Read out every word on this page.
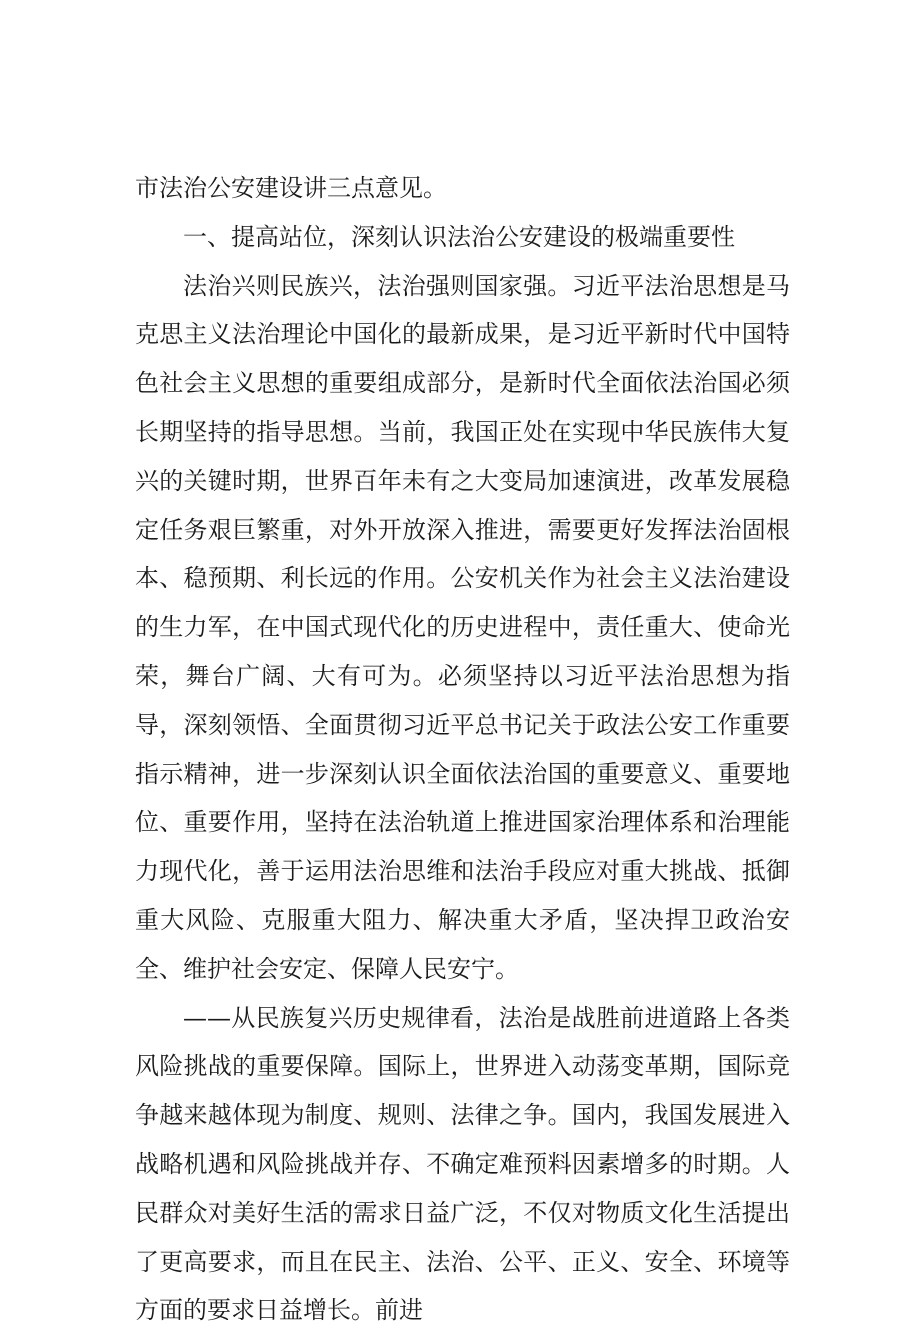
市法治公安建设讲三点意见。

一、提高站位，深刻认识法治公安建设的极端重要性

法治兴则民族兴，法治强则国家强。习近平法治思想是马克思主义法治理论中国化的最新成果，是习近平新时代中国特色社会主义思想的重要组成部分，是新时代全面依法治国必须长期坚持的指导思想。当前，我国正处在实现中华民族伟大复兴的关键时期，世界百年未有之大变局加速演进，改革发展稳定任务艰巨繁重，对外开放深入推进，需要更好发挥法治固根本、稳预期、利长远的作用。公安机关作为社会主义法治建设的生力军，在中国式现代化的历史进程中，责任重大、使命光荣，舞台广阔、大有可为。必须坚持以习近平法治思想为指导，深刻领悟、全面贯彻习近平总书记关于政法公安工作重要指示精神，进一步深刻认识全面依法治国的重要意义、重要地位、重要作用，坚持在法治轨道上推进国家治理体系和治理能力现代化，善于运用法治思维和法治手段应对重大挑战、抵御重大风险、克服重大阻力、解决重大矛盾，坚决捍卫政治安全、维护社会安定、保障人民安宁。

——从民族复兴历史规律看，法治是战胜前进道路上各类风险挑战的重要保障。国际上，世界进入动荡变革期，国际竞争越来越体现为制度、规则、法律之争。国内，我国发展进入战略机遇和风险挑战并存、不确定难预料因素增多的时期。人民群众对美好生活的需求日益广泛，不仅对物质文化生活提出了更高要求，而且在民主、法治、公平、正义、安全、环境等方面的要求日益增长。前进
